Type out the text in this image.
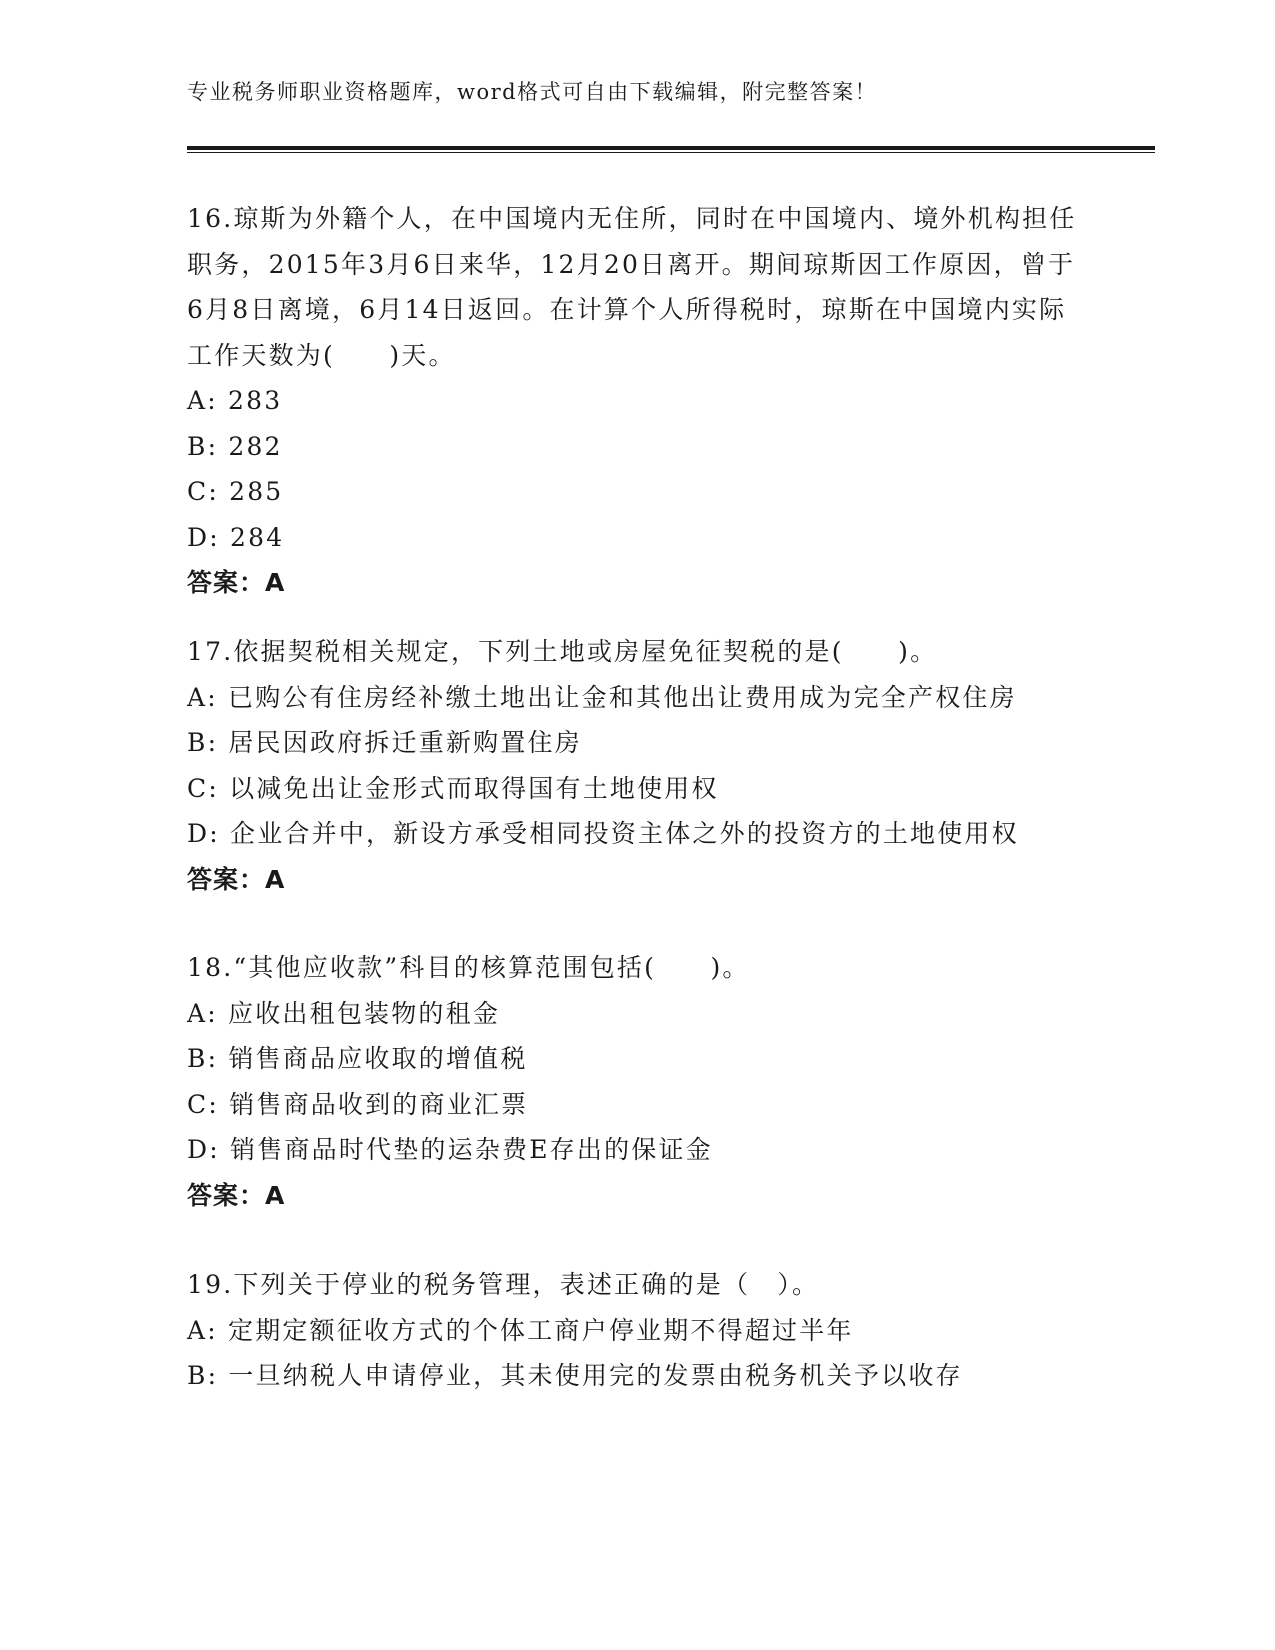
专业税务师职业资格题库，word格式可自由下载编辑，附完整答案！

16.琼斯为外籍个人，在中国境内无住所，同时在中国境内、境外机构担任职务，2015年3月6日来华，12月20日离开。期间琼斯因工作原因，曾于6月8日离境，6月14日返回。在计算个人所得税时，琼斯在中国境内实际工作天数为(　　)天。

A: 283

B: 282

C: 285

D: 284

答案：A

17.依据契税相关规定，下列土地或房屋免征契税的是(　　)。

A: 已购公有住房经补缴土地出让金和其他出让费用成为完全产权住房

B: 居民因政府拆迁重新购置住房

C: 以减免出让金形式而取得国有土地使用权

D: 企业合并中，新设方承受相同投资主体之外的投资方的土地使用权

答案：A

18.“其他应收款”科目的核算范围包括(　　)。

A: 应收出租包装物的租金

B: 销售商品应收取的增值税

C: 销售商品收到的商业汇票

D: 销售商品时代垫的运杂费E存出的保证金

答案：A

19.下列关于停业的税务管理，表述正确的是（　）。

A: 定期定额征收方式的个体工商户停业期不得超过半年

B: 一旦纳税人申请停业，其未使用完的发票由税务机关予以收存
